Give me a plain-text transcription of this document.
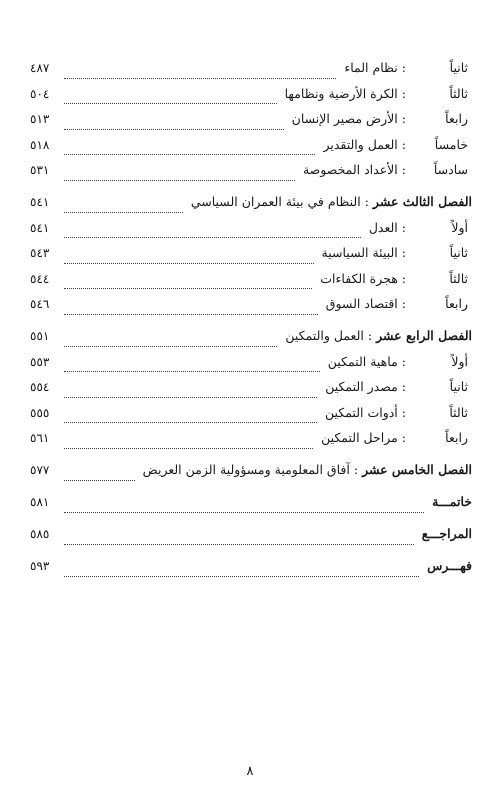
ثانياً
:
نظام الماء
٤٨٧
ثالثاً
:
الكرة الأرضية ونظامها
٥٠٤
رابعاً
:
الأرض مصير الإنسان
٥١٣
خامساً
:
العمل والتقدير
٥١٨
سادساً
:
الأعداد المخصوصة
٥٣١
الفصل الثالث عشر
:
النظام في بيئة العمران السياسي
٥٤١
أولاً
:
العدل
٥٤١
ثانياً
:
البيئة السياسية
٥٤٣
ثالثاً
:
هجرة الكفاءات
٥٤٤
رابعاً
:
اقتصاد السوق
٥٤٦
الفصل الرابع عشر
:
العمل والتمكين
٥٥١
أولاً
:
ماهية التمكين
٥٥٣
ثانياً
:
مصدر التمكين
٥٥٤
ثالثاً
:
أدوات التمكين
٥٥٥
رابعاً
:
مراحل التمكين
٥٦١
الفصل الخامس عشر
:
آفاق المعلومية ومسؤولية الزمن العريض
٥٧٧
خاتمـــة
٥٨١
المراجـــع
٥٨٥
فهـــرس
٥٩٣
٨
